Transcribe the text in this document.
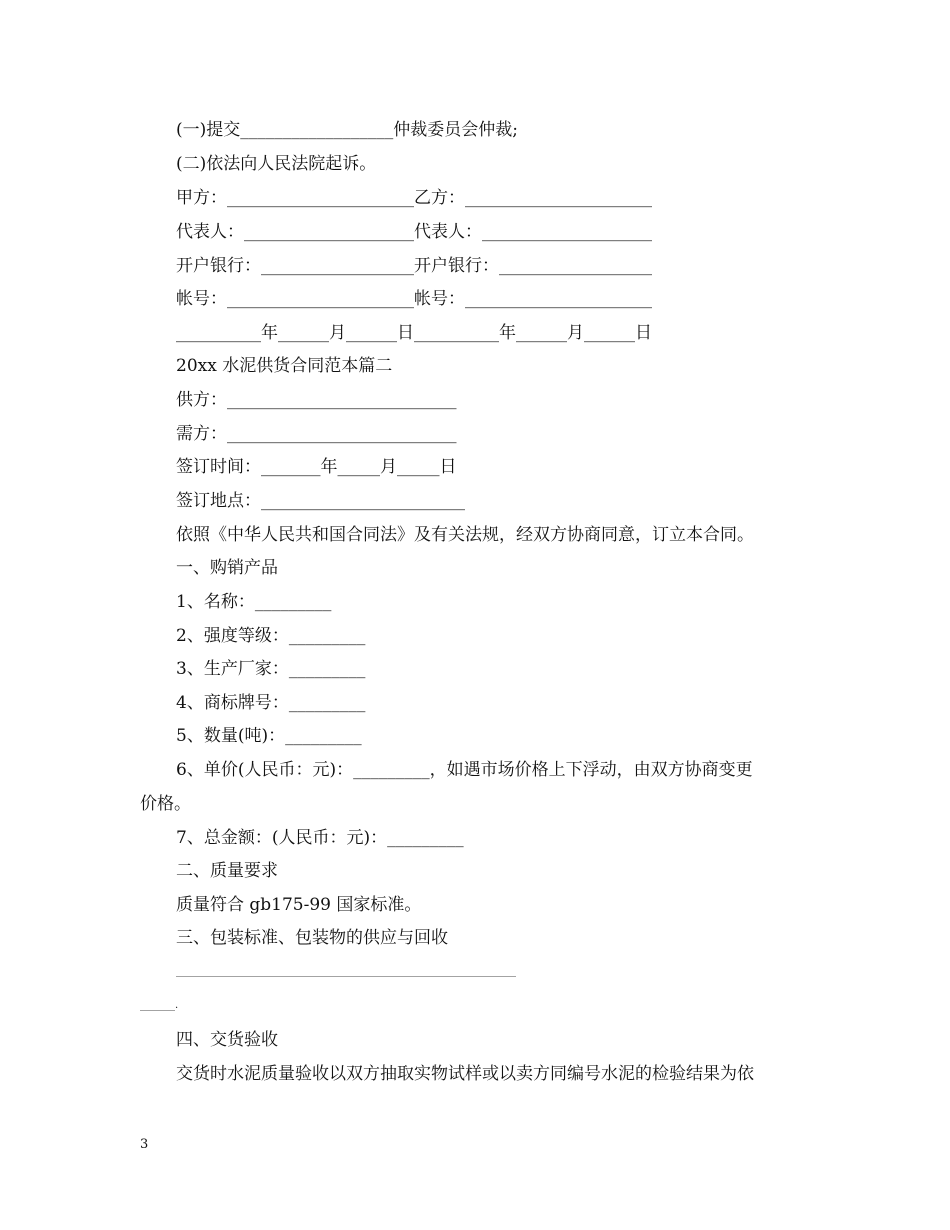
(一)提交__________________仲裁委员会仲裁;
(二)依法向人民法院起诉。
甲方：______________________乙方：______________________
代表人：____________________代表人：____________________
开户银行：__________________开户银行：__________________
帐号：______________________帐号：______________________
__________年______月______日__________年______月______日
20xx 水泥供货合同范本篇二
供方：___________________________
需方：___________________________
签订时间：_______年_____月_____日
签订地点：________________________
依照《中华人民共和国合同法》及有关法规，经双方协商同意，订立本合同。
一、购销产品
1、名称：_________
2、强度等级：_________
3、生产厂家：_________
4、商标牌号：_________
5、数量(吨)：_________
6、单价(人民币：元)：_________，如遇市场价格上下浮动，由双方协商变更
价格。
7、总金额：(人民币：元)：_________
二、质量要求
质量符合 gb175-99 国家标准。
三、包装标准、包装物的供应与回收
____________________________________________________________________
_______.
四、交货验收
交货时水泥质量验收以双方抽取实物试样或以卖方同编号水泥的检验结果为依
3
